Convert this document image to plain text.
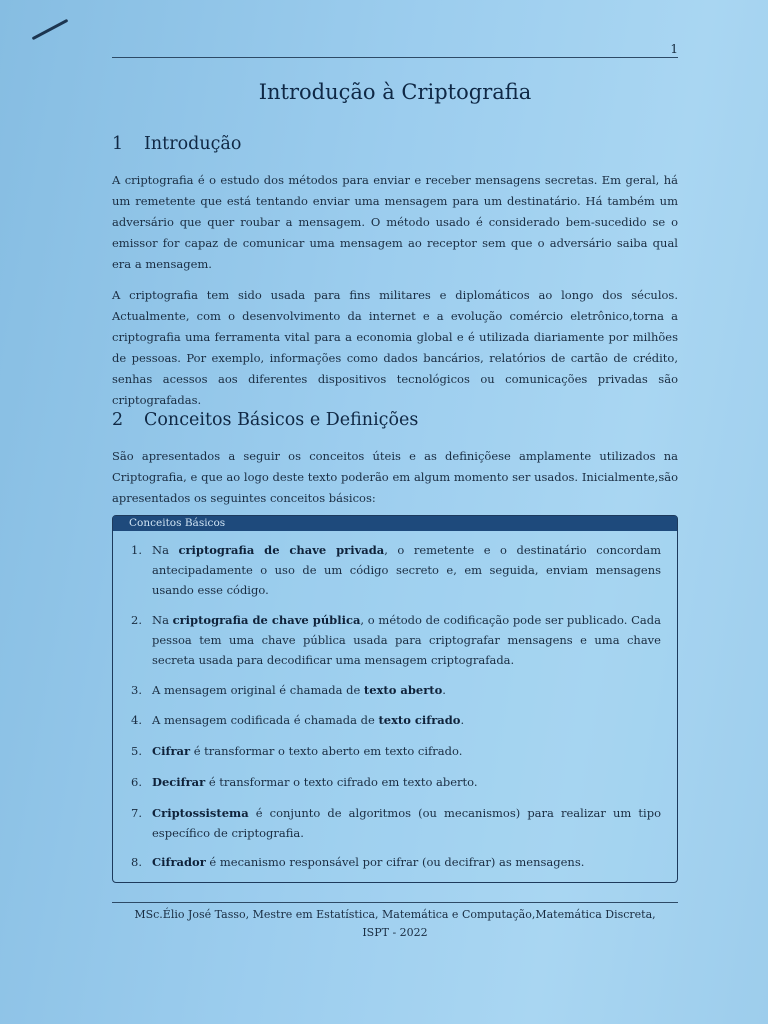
1
Introdução à Criptografia
1 Introdução

A criptografia é o estudo dos métodos para enviar e receber mensagens secretas. Em geral, há um remetente que está tentando enviar uma mensagem para um destinatário. Há também um adversário que quer roubar a mensagem. O método usado é considerado bem-sucedido se o emissor for capaz de comunicar uma mensagem ao receptor sem que o adversário saiba qual era a mensagem.

A criptografia tem sido usada para fins militares e diplomáticos ao longo dos séculos. Actualmente, com o desenvolvimento da internet e a evolução comércio eletrônico,torna a criptografia uma ferramenta vital para a economia global e é utilizada diariamente por milhões de pessoas. Por exemplo, informações como dados bancários, relatórios de cartão de crédito, senhas acessos aos diferentes dispositivos tecnológicos ou comunicações privadas são criptografadas.

2 Conceitos Básicos e Definições

São apresentados a seguir os conceitos úteis e as definiçõese amplamente utilizados na Criptografia, e que ao logo deste texto poderão em algum momento ser usados. Inicialmente,são apresentados os seguintes conceitos básicos:

Conceitos Básicos
1. Na criptografia de chave privada, o remetente e o destinatário concordam antecipadamente o uso de um código secreto e, em seguida, enviam mensagens usando esse código.
2. Na criptografia de chave pública, o método de codificação pode ser publicado. Cada pessoa tem uma chave pública usada para criptografar mensagens e uma chave secreta usada para decodificar uma mensagem criptografada.
3. A mensagem original é chamada de texto aberto.
4. A mensagem codificada é chamada de texto cifrado.
5. Cifrar é transformar o texto aberto em texto cifrado.
6. Decifrar é transformar o texto cifrado em texto aberto.
7. Criptossistema é conjunto de algoritmos (ou mecanismos) para realizar um tipo específico de criptografia.
8. Cifrador é mecanismo responsável por cifrar (ou decifrar) as mensagens.
MSc.Élio José Tasso, Mestre em Estatística, Matemática e Computação,Matemática Discreta,
ISPT - 2022
